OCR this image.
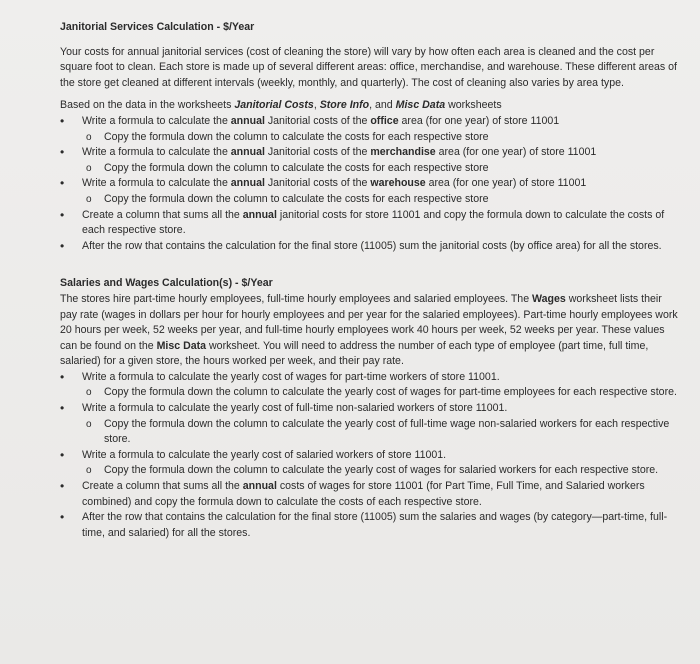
Janitorial Services Calculation - $/Year

Your costs for annual janitorial services (cost of cleaning the store) will vary by how often each area is cleaned and the cost per square foot to clean. Each store is made up of several different areas: office, merchandise, and warehouse. These different areas of the store get cleaned at different intervals (weekly, monthly, and quarterly). The cost of cleaning also varies by area type.

Based on the data in the worksheets Janitorial Costs, Store Info, and Misc Data worksheets

• Write a formula to calculate the annual Janitorial costs of the office area (for one year) of store 11001
o Copy the formula down the column to calculate the costs for each respective store
• Write a formula to calculate the annual Janitorial costs of the merchandise area (for one year) of store 11001
o Copy the formula down the column to calculate the costs for each respective store
• Write a formula to calculate the annual Janitorial costs of the warehouse area (for one year) of store 11001
o Copy the formula down the column to calculate the costs for each respective store
• Create a column that sums all the annual janitorial costs for store 11001 and copy the formula down to calculate the costs of each respective store.
• After the row that contains the calculation for the final store (11005) sum the janitorial costs (by office area) for all the stores.
Salaries and Wages Calculation(s) - $/Year

The stores hire part-time hourly employees, full-time hourly employees and salaried employees. The Wages worksheet lists their pay rate (wages in dollars per hour for hourly employees and per year for the salaried employees). Part-time hourly employees work 20 hours per week, 52 weeks per year, and full-time hourly employees work 40 hours per week, 52 weeks per year. These values can be found on the Misc Data worksheet. You will need to address the number of each type of employee (part time, full time, salaried) for a given store, the hours worked per week, and their pay rate.

• Write a formula to calculate the yearly cost of wages for part-time workers of store 11001.
o Copy the formula down the column to calculate the yearly cost of wages for part-time employees for each respective store.
• Write a formula to calculate the yearly cost of full-time non-salaried workers of store 11001.
o Copy the formula down the column to calculate the yearly cost of full-time wage non-salaried workers for each respective store.
• Write a formula to calculate the yearly cost of salaried workers of store 11001.
o Copy the formula down the column to calculate the yearly cost of wages for salaried workers for each respective store.
• Create a column that sums all the annual costs of wages for store 11001 (for Part Time, Full Time, and Salaried workers combined) and copy the formula down to calculate the costs of each respective store.
• After the row that contains the calculation for the final store (11005) sum the salaries and wages (by category—part-time, full-time, and salaried) for all the stores.
